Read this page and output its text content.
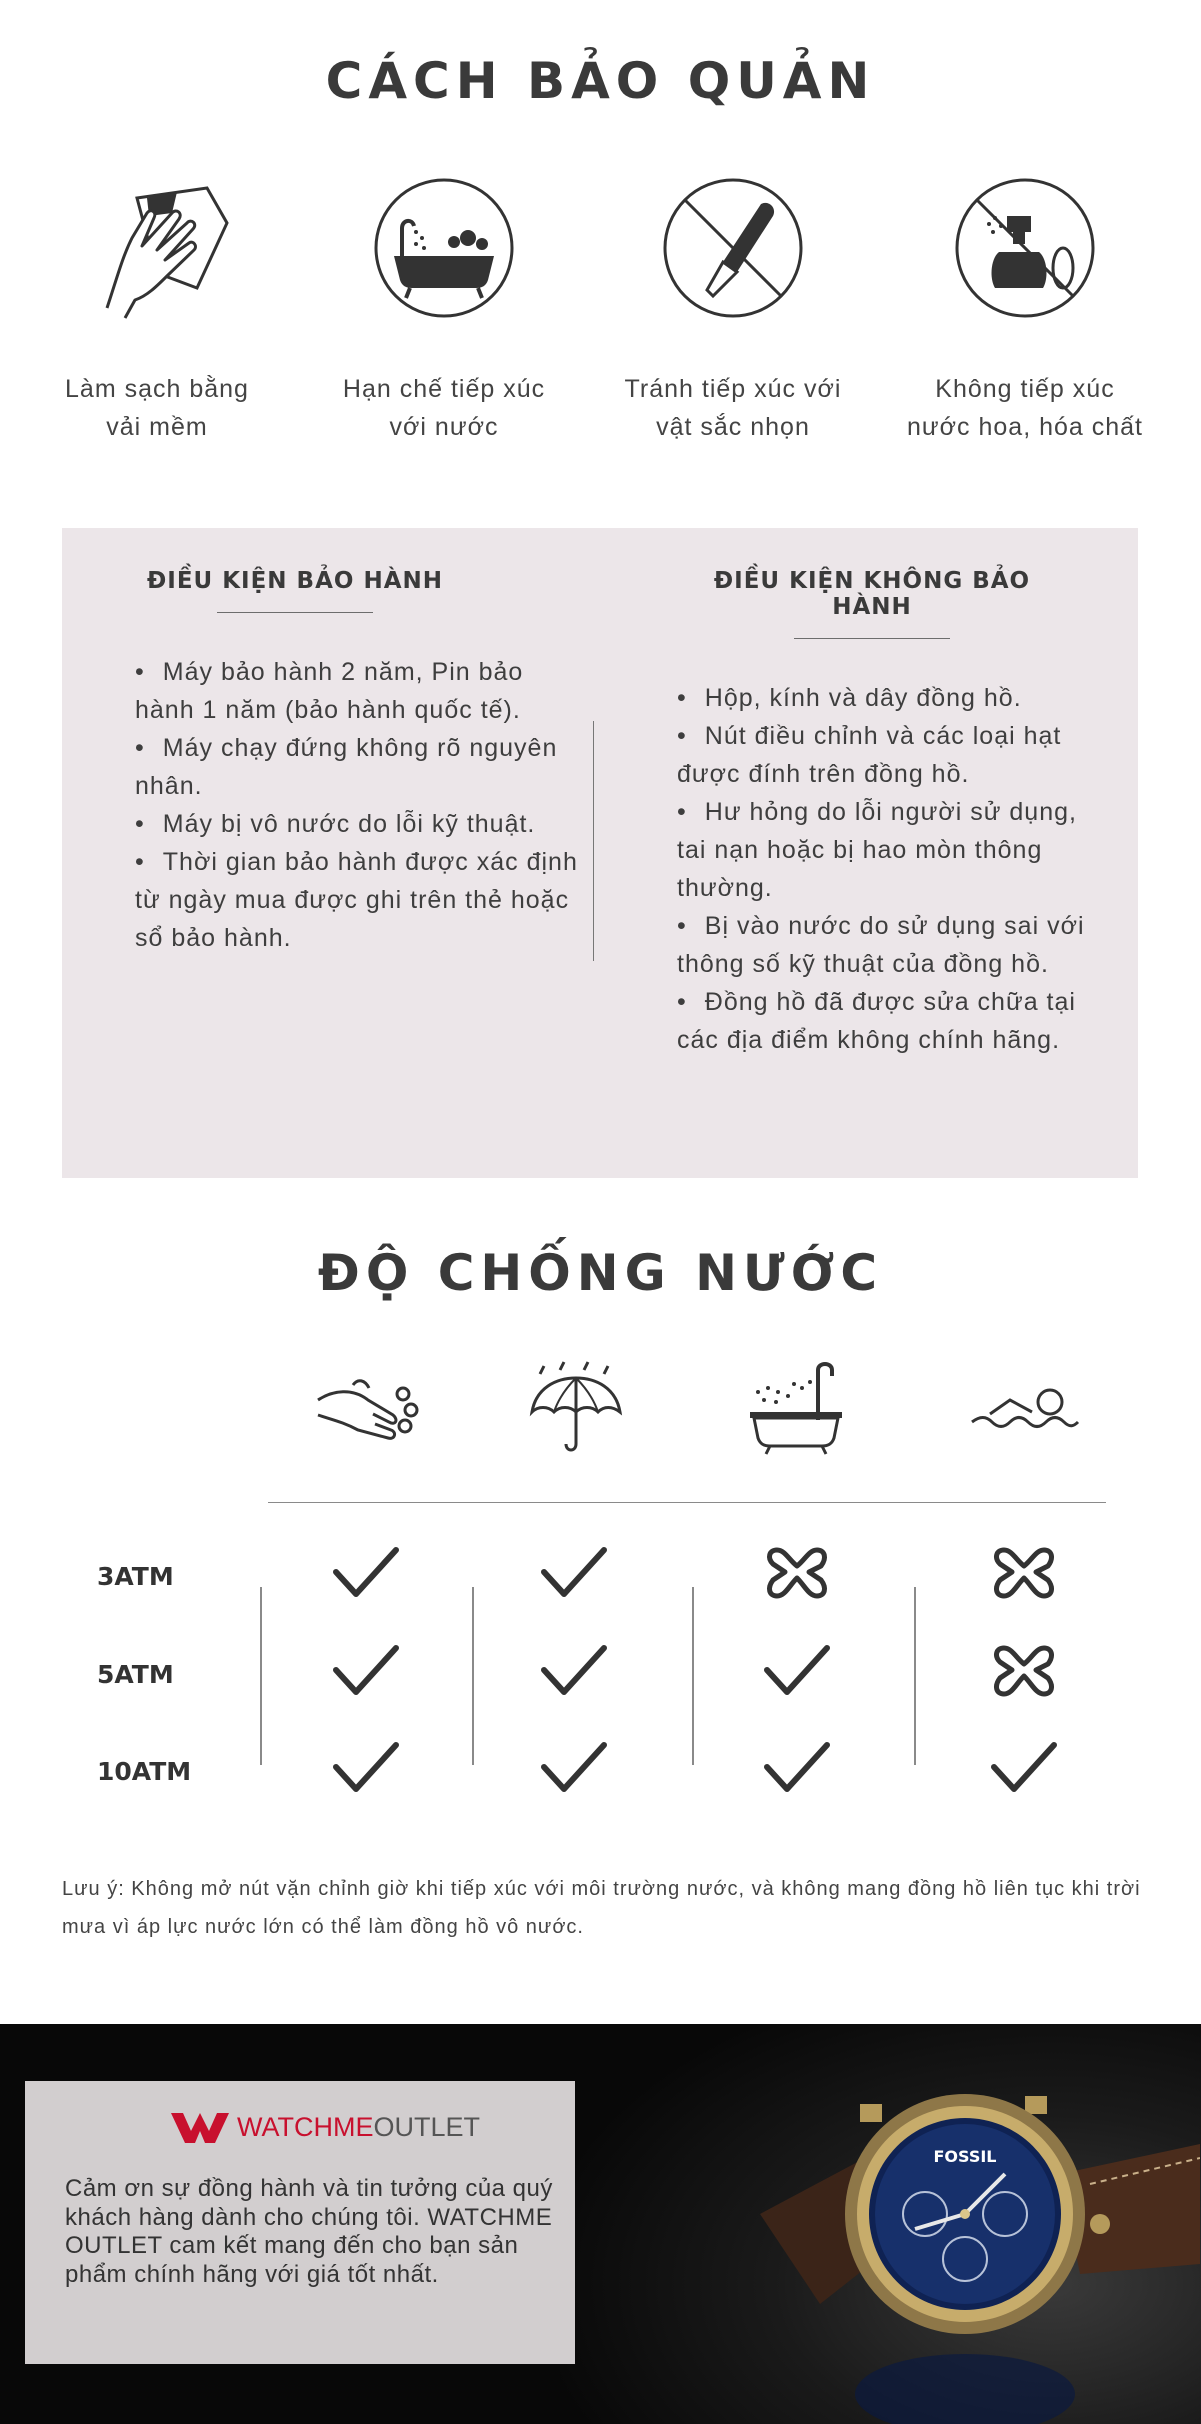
CÁCH BẢO QUẢN
Làm sạch bằng
vải mềm
Hạn chế tiếp xúc
với nước
Tránh tiếp xúc với
vật sắc nhọn
Không tiếp xúc
nước hoa, hóa chất
ĐIỀU KIỆN BẢO HÀNH
• Máy bảo hành 2 năm, Pin bảo hành 1 năm (bảo hành quốc tế).
• Máy chạy đứng không rõ nguyên nhân.
• Máy bị vô nước do lỗi kỹ thuật.
• Thời gian bảo hành được xác định từ ngày mua được ghi trên thẻ hoặc sổ bảo hành.
ĐIỀU KIỆN KHÔNG BẢO HÀNH
• Hộp, kính và dây đồng hồ.
• Nút điều chỉnh và các loại hạt được đính trên đồng hồ.
• Hư hỏng do lỗi người sử dụng, tai nạn hoặc bị hao mòn thông thường.
• Bị vào nước do sử dụng sai với thông số kỹ thuật của đồng hồ.
• Đồng hồ đã được sửa chữa tại các địa điểm không chính hãng.
ĐỘ CHỐNG NƯỚC
3ATM
5ATM
10ATM

Lưu ý: Không mở nút vặn chỉnh giờ khi tiếp xúc với môi trường nước, và không mang đồng hồ liên tục khi trời mưa vì áp lực nước lớn có thể làm đồng hồ vô nước.

FOSSIL
WATCHMEOUTLET

Cảm ơn sự đồng hành và tin tưởng của quý khách hàng dành cho chúng tôi. WATCHME OUTLET cam kết mang đến cho bạn sản phẩm chính hãng với giá tốt nhất.
